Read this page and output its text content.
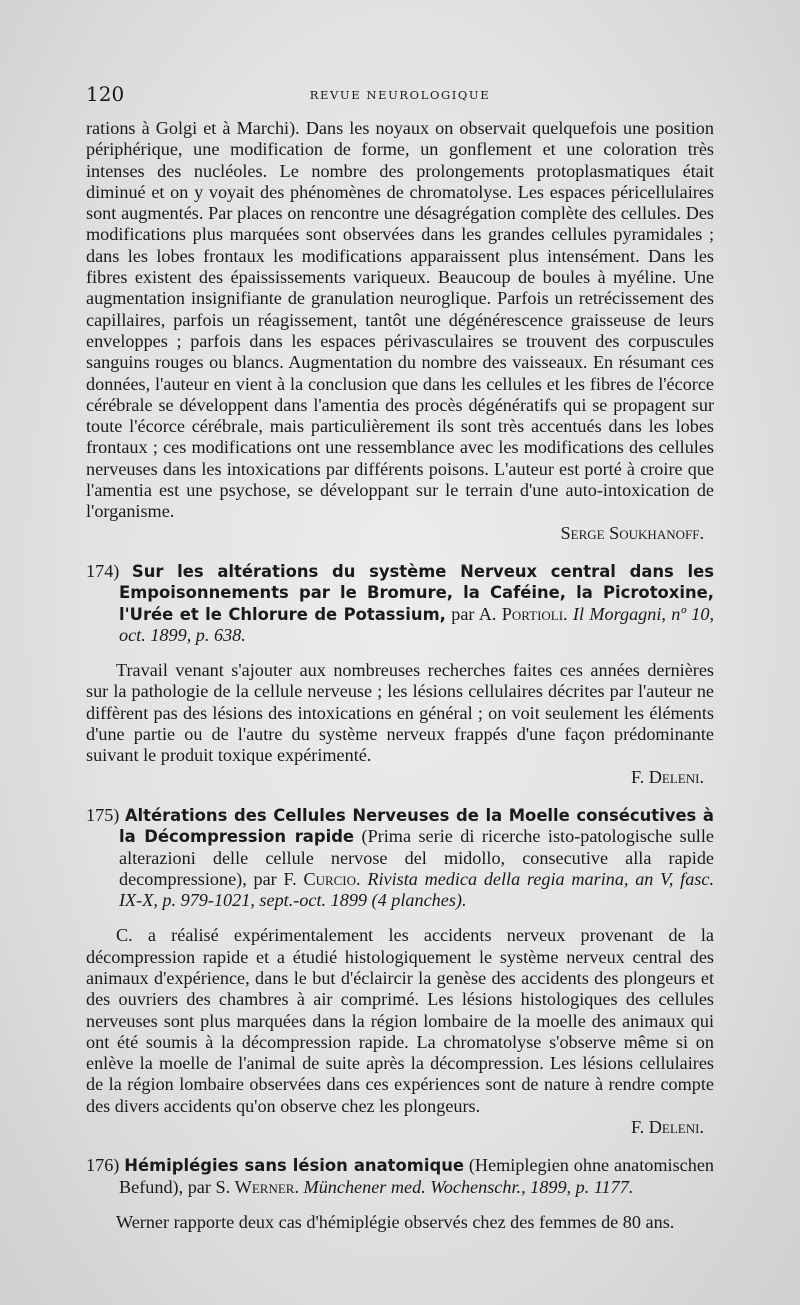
120	REVUE NEUROLOGIQUE

rations à Golgi et à Marchi). Dans les noyaux on observait quelquefois une position périphérique, une modification de forme, un gonflement et une coloration très intenses des nucléoles. Le nombre des prolongements protoplasmatiques était diminué et on y voyait des phénomènes de chromatolyse. Les espaces péricellulaires sont augmentés. Par places on rencontre une désagrégation complète des cellules. Des modifications plus marquées sont observées dans les grandes cellules pyramidales ; dans les lobes frontaux les modifications apparaissent plus intensément. Dans les fibres existent des épaississements variqueux. Beaucoup de boules à myéline. Une augmentation insignifiante de granulation neuroglique. Parfois un retrécissement des capillaires, parfois un réagissement, tantôt une dégénérescence graisseuse de leurs enveloppes ; parfois dans les espaces périvasculaires se trouvent des corpuscules sanguins rouges ou blancs. Augmentation du nombre des vaisseaux. En résumant ces données, l'auteur en vient à la conclusion que dans les cellules et les fibres de l'écorce cérébrale se développent dans l'amentia des procès dégénératifs qui se propagent sur toute l'écorce cérébrale, mais particulièrement ils sont très accentués dans les lobes frontaux ; ces modifications ont une ressemblance avec les modifications des cellules nerveuses dans les intoxications par différents poisons. L'auteur est porté à croire que l'amentia est une psychose, se développant sur le terrain d'une auto-intoxication de l'organisme.

Serge Soukhanoff.

174) Sur les altérations du système Nerveux central dans les Empoisonnements par le Bromure, la Caféine, la Picrotoxine, l'Urée et le Chlorure de Potassium, par A. Portioli. Il Morgagni, nº 10, oct. 1899, p. 638.

Travail venant s'ajouter aux nombreuses recherches faites ces années dernières sur la pathologie de la cellule nerveuse ; les lésions cellulaires décrites par l'auteur ne diffèrent pas des lésions des intoxications en général ; on voit seulement les éléments d'une partie ou de l'autre du système nerveux frappés d'une façon prédominante suivant le produit toxique expérimenté.

F. Deleni.

175) Altérations des Cellules Nerveuses de la Moelle consécutives à la Décompression rapide (Prima serie di ricerche isto-patologische sulle alterazioni delle cellule nervose del midollo, consecutive alla rapide decompressione), par F. Curcio. Rivista medica della regia marina, an V, fasc. IX-X, p. 979-1021, sept.-oct. 1899 (4 planches).

C. a réalisé expérimentalement les accidents nerveux provenant de la décompression rapide et a étudié histologiquement le système nerveux central des animaux d'expérience, dans le but d'éclaircir la genèse des accidents des plongeurs et des ouvriers des chambres à air comprimé. Les lésions histologiques des cellules nerveuses sont plus marquées dans la région lombaire de la moelle des animaux qui ont été soumis à la décompression rapide. La chromatolyse s'observe même si on enlève la moelle de l'animal de suite après la décompression. Les lésions cellulaires de la région lombaire observées dans ces expériences sont de nature à rendre compte des divers accidents qu'on observe chez les plongeurs.

F. Deleni.

176) Hémiplégies sans lésion anatomique (Hemiplegien ohne anatomischen Befund), par S. Werner. Münchener med. Wochenschr., 1899, p. 1177.

Werner rapporte deux cas d'hémiplégie observés chez des femmes de 80 ans.
